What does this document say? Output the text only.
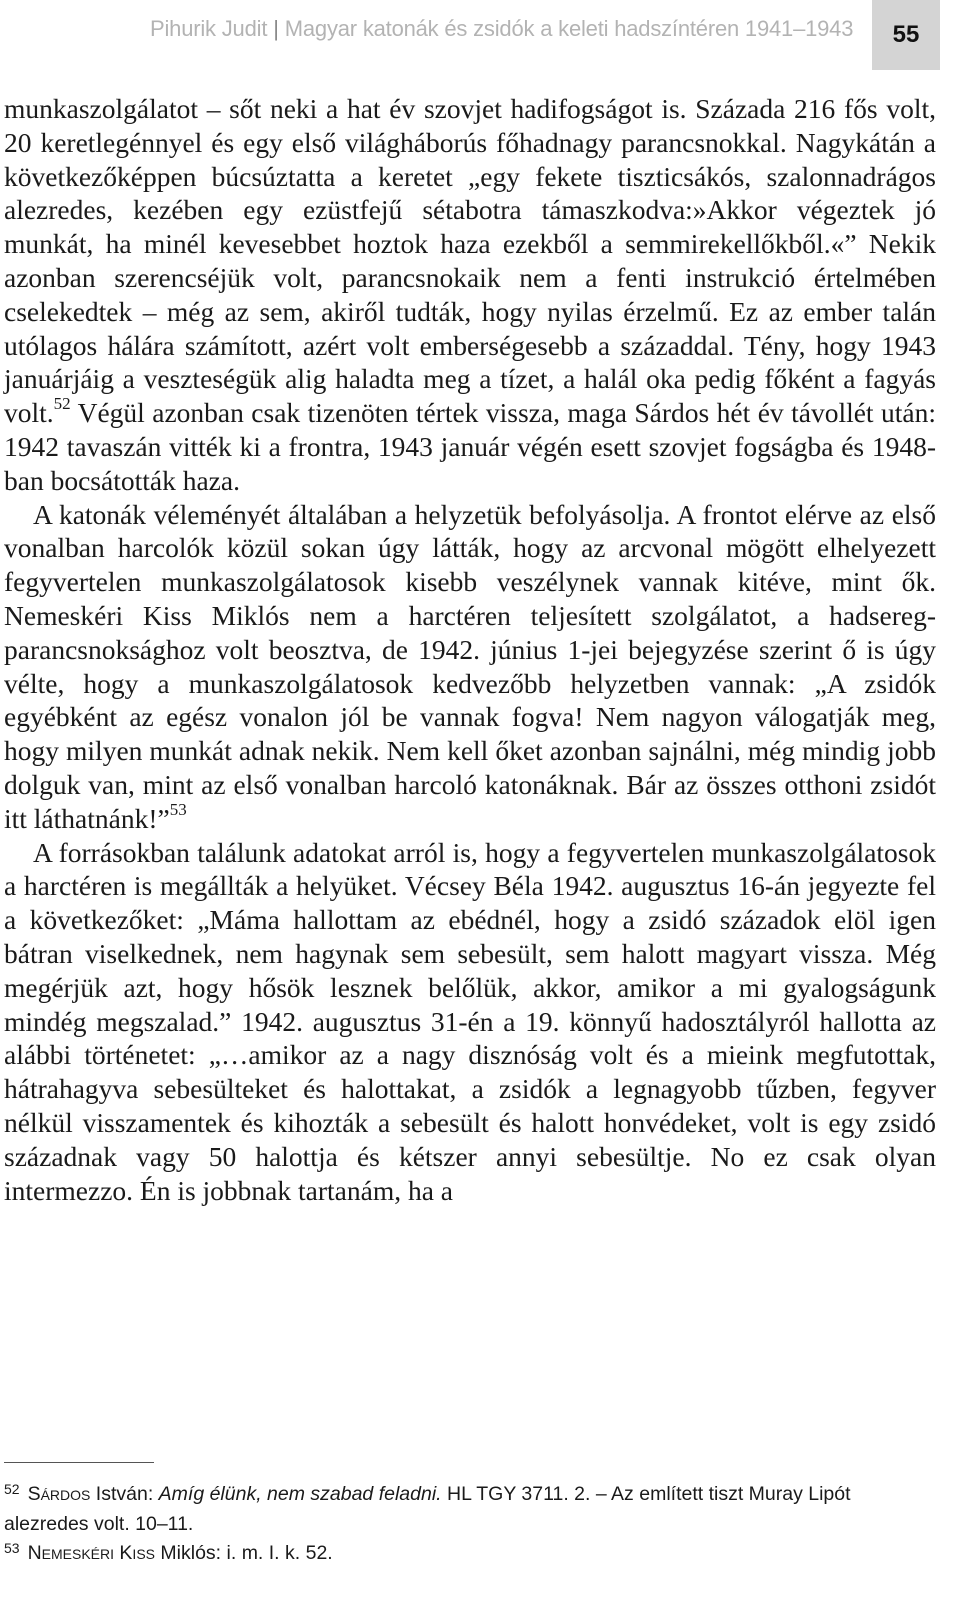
Pihurik Judit | Magyar katonák és zsidók a keleti hadszíntéren 1941–1943	55

munkaszolgálatot – sőt neki a hat év szovjet hadifogságot is. Százada 216 fős volt, 20 keretlegénnyel és egy első világháborús főhadnagy parancsnokkal. Nagykátán a következőképpen búcsúztatta a keretet „egy fekete tiszticsákós, szalonnadrágos alezredes, kezében egy ezüstfejű sétabotra támaszkodva:»Akkor végeztek jó munkát, ha minél kevesebbet hoztok haza ezekből a semmirekellőkből.«” Nekik azonban szerencséjük volt, parancsnokaik nem a fenti instrukció értelmében cselekedtek – még az sem, akiről tudták, hogy nyilas érzelmű. Ez az ember talán utólagos hálára számított, azért volt emberségesebb a századdal. Tény, hogy 1943 januárjáig a veszteségük alig haladta meg a tízet, a halál oka pedig főként a fagyás volt.$^{52}$ Végül azonban csak tizenöten tértek vissza, maga Sárdos hét év távollét után: 1942 tavaszán vitték ki a frontra, 1943 január végén esett szovjet fogságba és 1948-ban bocsátották haza.

A katonák véleményét általában a helyzetük befolyásolja. A frontot elérve az első vonalban harcolók közül sokan úgy látták, hogy az arcvonal mögött elhelyezett fegyvertelen munkaszolgálatosok kisebb veszélynek vannak kitéve, mint ők. Nemeskéri Kiss Miklós nem a harctéren teljesített szolgálatot, a hadsereg-parancsnoksághoz volt beosztva, de 1942. június 1-jei bejegyzése szerint ő is úgy vélte, hogy a munkaszolgálatosok kedvezőbb helyzetben vannak: „A zsidók egyébként az egész vonalon jól be vannak fogva! Nem nagyon válogatják meg, hogy milyen munkát adnak nekik. Nem kell őket azonban sajnálni, még mindig jobb dolguk van, mint az első vonalban harcoló katonáknak. Bár az összes otthoni zsidót itt láthatnánk!”$^{53}$

A forrásokban találunk adatokat arról is, hogy a fegyvertelen munkaszolgálatosok a harctéren is megállták a helyüket. Vécsey Béla 1942. augusztus 16-án jegyezte fel a következőket: „Máma hallottam az ebédnél, hogy a zsidó századok elöl igen bátran viselkednek, nem hagynak sem sebesült, sem halott magyart vissza. Még megérjük azt, hogy hősök lesznek belőlük, akkor, amikor a mi gyalogságunk mindég megszalad.” 1942. augusztus 31-én a 19. könnyű hadosztályról hallotta az alábbi történetet: „…amikor az a nagy disznóság volt és a mieink megfutottak, hátrahagyva sebesülteket és halottakat, a zsidók a legnagyobb tűzben, fegyver nélkül visszamentek és kihozták a sebesült és halott honvédeket, volt is egy zsidó századnak vagy 50 halottja és kétszer annyi sebesültje. No ez csak olyan intermezzo. Én is jobbnak tartanám, ha a

$^{52}$ Sárdos István: Amíg élünk, nem szabad feladni. HL TGY 3711. 2. – Az említett tiszt Muray Lipót alezredes volt. 10–11.

$^{53}$ Nemeskéri Kiss Miklós: i. m. I. k. 52.
